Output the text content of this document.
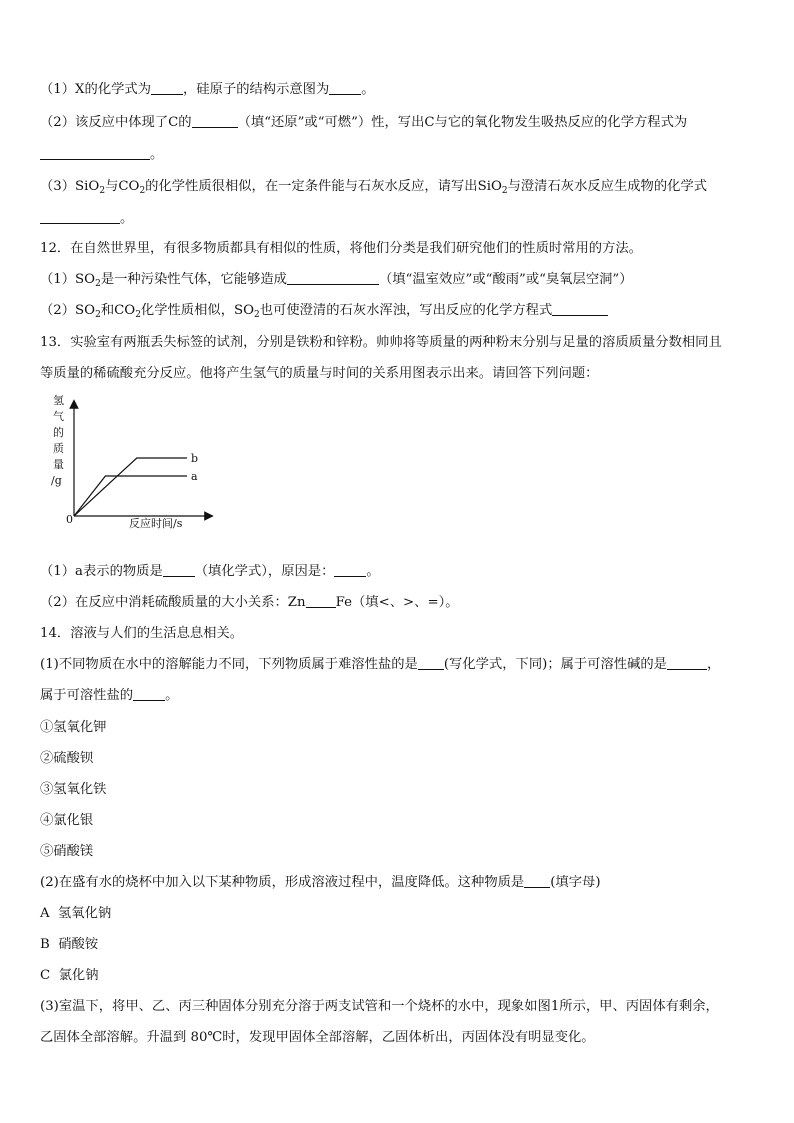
（1）X的化学式为 ，硅原子的结构示意图为 。
（2）该反应中体现了C的	（填“还原”或“可燃”）性，写出C与它的氧化物发生吸热反应的化学方程式为
。
（3）SiO$_2$与$CO_2$的化学性质很相似，在一定条件能与石灰水反应，请写出SiO$_2$与澄清石灰水反应生成物的化学式
。
12．在自然世界里，有很多物质都具有相似的性质，将他们分类是我们研究他们的性质时常用的方法。
$(1)SO_2$是一种污染性气体，它能够造成	（填“温室效应”或“酸雨”或“臭氧层空洞”）
$(2)SO_2$和$CO_2$化学性质相似，$SO_2$也可使澄清的石灰水浑浊，写出反应的化学方程式
13．实验室有两瓶丢失标签的试剂，分别是铁粉和锌粉。帅帅将等质量的两种粉末分别与足量的溶质质量分数相同且
等质量的稀硫酸充分反应。他将产生氢气的质量与时间的关系用图表示出来。请回答下列问题：
氢
气
的
质
量
/g
0	反应时间/s
a
b
（1）a表示的物质是 （填化学式），原因是： 。
（2）在反应中消耗硫酸质量的大小关系：Zn Fe（填<、>、=）。
14．溶液与人们的生活息息相关。
(1)不同物质在水中的溶解能力不同，下列物质属于难溶性盐的是 (写化学式，下同)；属于可溶性碱的是	，
属于可溶性盐的 。
①氢氧化钾
②硫酸钡
③氢氧化铁
④氯化银
⑤硝酸镁
(2)在盛有水的烧杯中加入以下某种物质，形成溶液过程中，温度降低。这种物质是 (填字母)
A  氢氧化钠
B  硝酸铵
C  氯化钠
(3)室温下，将甲、乙、丙三种固体分别充分溶于两支试管和一个烧杯的水中，现象如图1所示，甲、丙固体有剩余，
乙固体全部溶解。升温到 80℃时，发现甲固体全部溶解，乙固体析出，丙固体没有明显变化。
